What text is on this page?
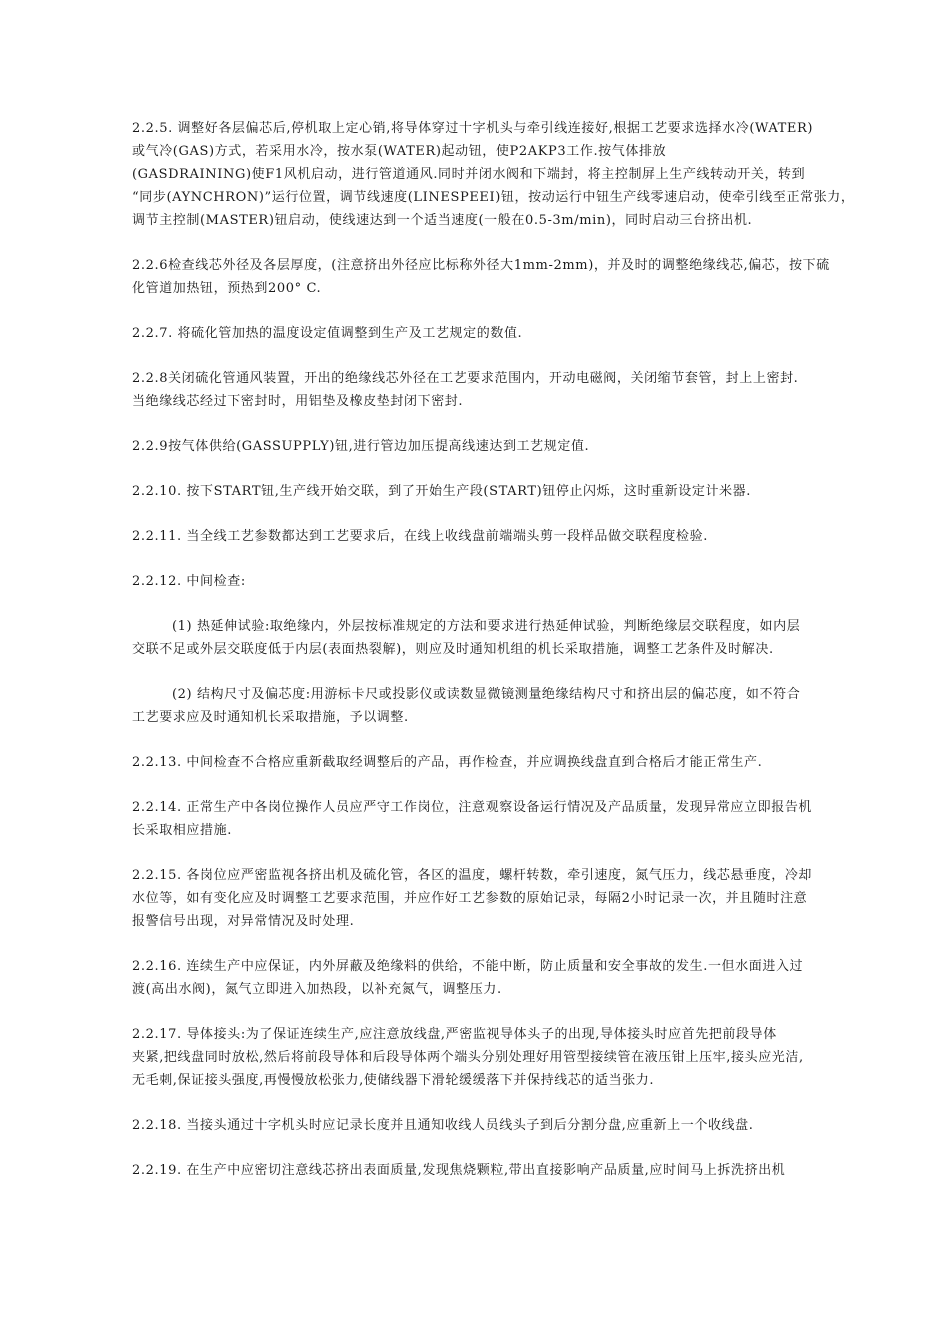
2.2.5. 调整好各层偏芯后,停机取上定心销,将导体穿过十字机头与牵引线连接好,根据工艺要求选择水冷(WATER)
或气冷(GAS)方式，若采用水冷，按水泵(WATER)起动钮，使P2AKP3工作.按气体排放
(GASDRAINING)使F1风机启动，进行管道通风.同时并闭水阀和下端封，将主控制屏上生产线转动开关，转到
“同步(AYNCHRON)”运行位置，调节线速度(LINESPEEI)钮，按动运行中钮生产线零速启动，使牵引线至正常张力，
调节主控制(MASTER)钮启动，使线速达到一个适当速度(一般在0.5-3m/min)，同时启动三台挤出机.
2.2.6检查线芯外径及各层厚度，(注意挤出外径应比标称外径大1mm-2mm)，并及时的调整绝缘线芯,偏芯，按下硫
化管道加热钮，预热到200° C.
2.2.7. 将硫化管加热的温度设定值调整到生产及工艺规定的数值.
2.2.8关闭硫化管通风装置，开出的绝缘线芯外径在工艺要求范围内，开动电磁阀，关闭缩节套管，封上上密封.
当绝缘线芯经过下密封时，用铝垫及橡皮垫封闭下密封.
2.2.9按气体供给(GASSUPPLY)钮,进行管边加压提高线速达到工艺规定值.
2.2.10. 按下START钮,生产线开始交联，到了开始生产段(START)钮停止闪烁，这时重新设定计米器.
2.2.11. 当全线工艺参数都达到工艺要求后，在线上收线盘前端端头剪一段样品做交联程度检验.
2.2.12. 中间检查:
(1) 热延伸试验:取绝缘内，外层按标准规定的方法和要求进行热延伸试验，判断绝缘层交联程度，如内层
交联不足或外层交联度低于内层(表面热裂解)，则应及时通知机组的机长采取措施，调整工艺条件及时解决.
(2) 结构尺寸及偏芯度:用游标卡尺或投影仪或读数显微镜测量绝缘结构尺寸和挤出层的偏芯度，如不符合
工艺要求应及时通知机长采取措施，予以调整.
2.2.13. 中间检查不合格应重新截取经调整后的产品，再作检查，并应调换线盘直到合格后才能正常生产.
2.2.14. 正常生产中各岗位操作人员应严守工作岗位，注意观察设备运行情况及产品质量，发现异常应立即报告机
长采取相应措施.
2.2.15. 各岗位应严密监视各挤出机及硫化管，各区的温度，螺杆转数，牵引速度，氮气压力，线芯悬垂度，冷却
水位等，如有变化应及时调整工艺要求范围，并应作好工艺参数的原始记录，每隔2小时记录一次，并且随时注意
报警信号出现，对异常情况及时处理.
2.2.16. 连续生产中应保证，内外屏蔽及绝缘料的供给，不能中断，防止质量和安全事故的发生.一但水面进入过
渡(高出水阀)，氮气立即进入加热段，以补充氮气，调整压力.
2.2.17. 导体接头:为了保证连续生产,应注意放线盘,严密监视导体头子的出现,导体接头时应首先把前段导体
夹紧,把线盘同时放松,然后将前段导体和后段导体两个端头分别处理好用管型接续管在液压钳上压牢,接头应光洁,
无毛刺,保证接头强度,再慢慢放松张力,使储线器下滑轮缓缓落下并保持线芯的适当张力.
2.2.18. 当接头通过十字机头时应记录长度并且通知收线人员线头子到后分割分盘,应重新上一个收线盘.
2.2.19. 在生产中应密切注意线芯挤出表面质量,发现焦烧颗粒,带出直接影响产品质量,应时间马上拆洗挤出机
